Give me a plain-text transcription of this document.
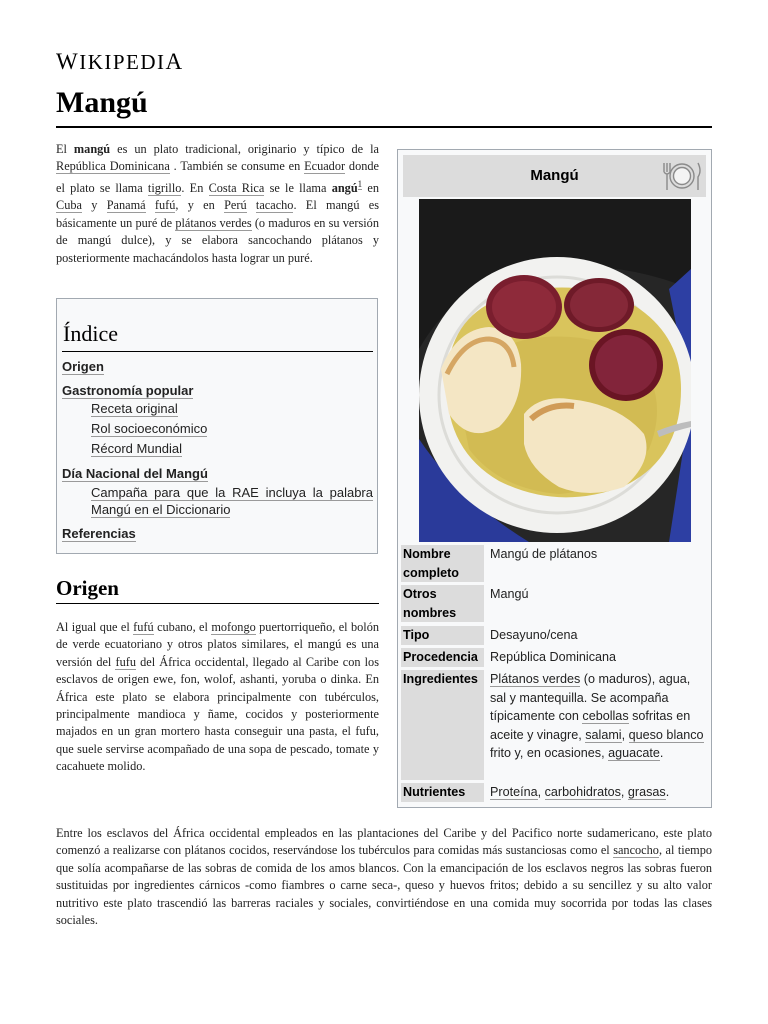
WIKIPEDIA
Mangú
El mangú es un plato tradicional, originario y típico de la República Dominicana . También se consume en Ecuador donde el plato se llama tigrillo. En Costa Rica se le llama angú$^1$ en Cuba y Panamá fufú, y en Perú tacacho. El mangú es básicamente un puré de plátanos verdes (o maduros en su versión de mangú dulce), y se elabora sancochando plátanos y posteriormente machacándolos hasta lograr un puré.
Índice
Origen
Gastronomía popular
Receta original
Rol socioeconómico
Récord Mundial
Día Nacional del Mangú
Campaña para que la RAE incluya la palabra Mangú en el Diccionario
Referencias
Origen
Al igual que el fufú cubano, el mofongo puertorriqueño, el bolón de verde ecuatoriano y otros platos similares, el mangú es una versión del fufu del África occidental, llegado al Caribe con los esclavos de origen ewe, fon, wolof, ashanti, yoruba o dinka. En África este plato se elabora principalmente con tubérculos, principalmente mandioca y ñame, cocidos y posteriormente majados en un gran mortero hasta conseguir una pasta, el fufu, que suele servirse acompañado de una sopa de pescado, tomate y cacahuete molido.
Entre los esclavos del África occidental empleados en las plantaciones del Caribe y del Pacifico norte sudamericano, este plato comenzó a realizarse con plátanos cocidos, reservándose los tubérculos para comidas más sustanciosas como el sancocho, al tiempo que solía acompañarse de las sobras de comida de los amos blancos. Con la emancipación de los esclavos negros las sobras fueron sustituidas por ingredientes cárnicos -como fiambres o carne seca-, queso y huevos fritos; debido a su sencillez y su alto valor nutritivo este plato trascendió las barreras raciales y sociales, convirtiéndose en una comida muy socorrida por todas las clases sociales.
Mangú
Nombre completo
Mangú de plátanos
Otros nombres
Mangú
Tipo	Desayuno/cena
Procedencia República Dominicana
Ingredientes Plátanos verdes (o maduros), agua, sal y mantequilla. Se acompaña típicamente con cebollas sofritas en aceite y vinagre, salami, queso blanco frito y, en ocasiones, aguacate.
Nutrientes	Proteína, carbohidratos, grasas.
